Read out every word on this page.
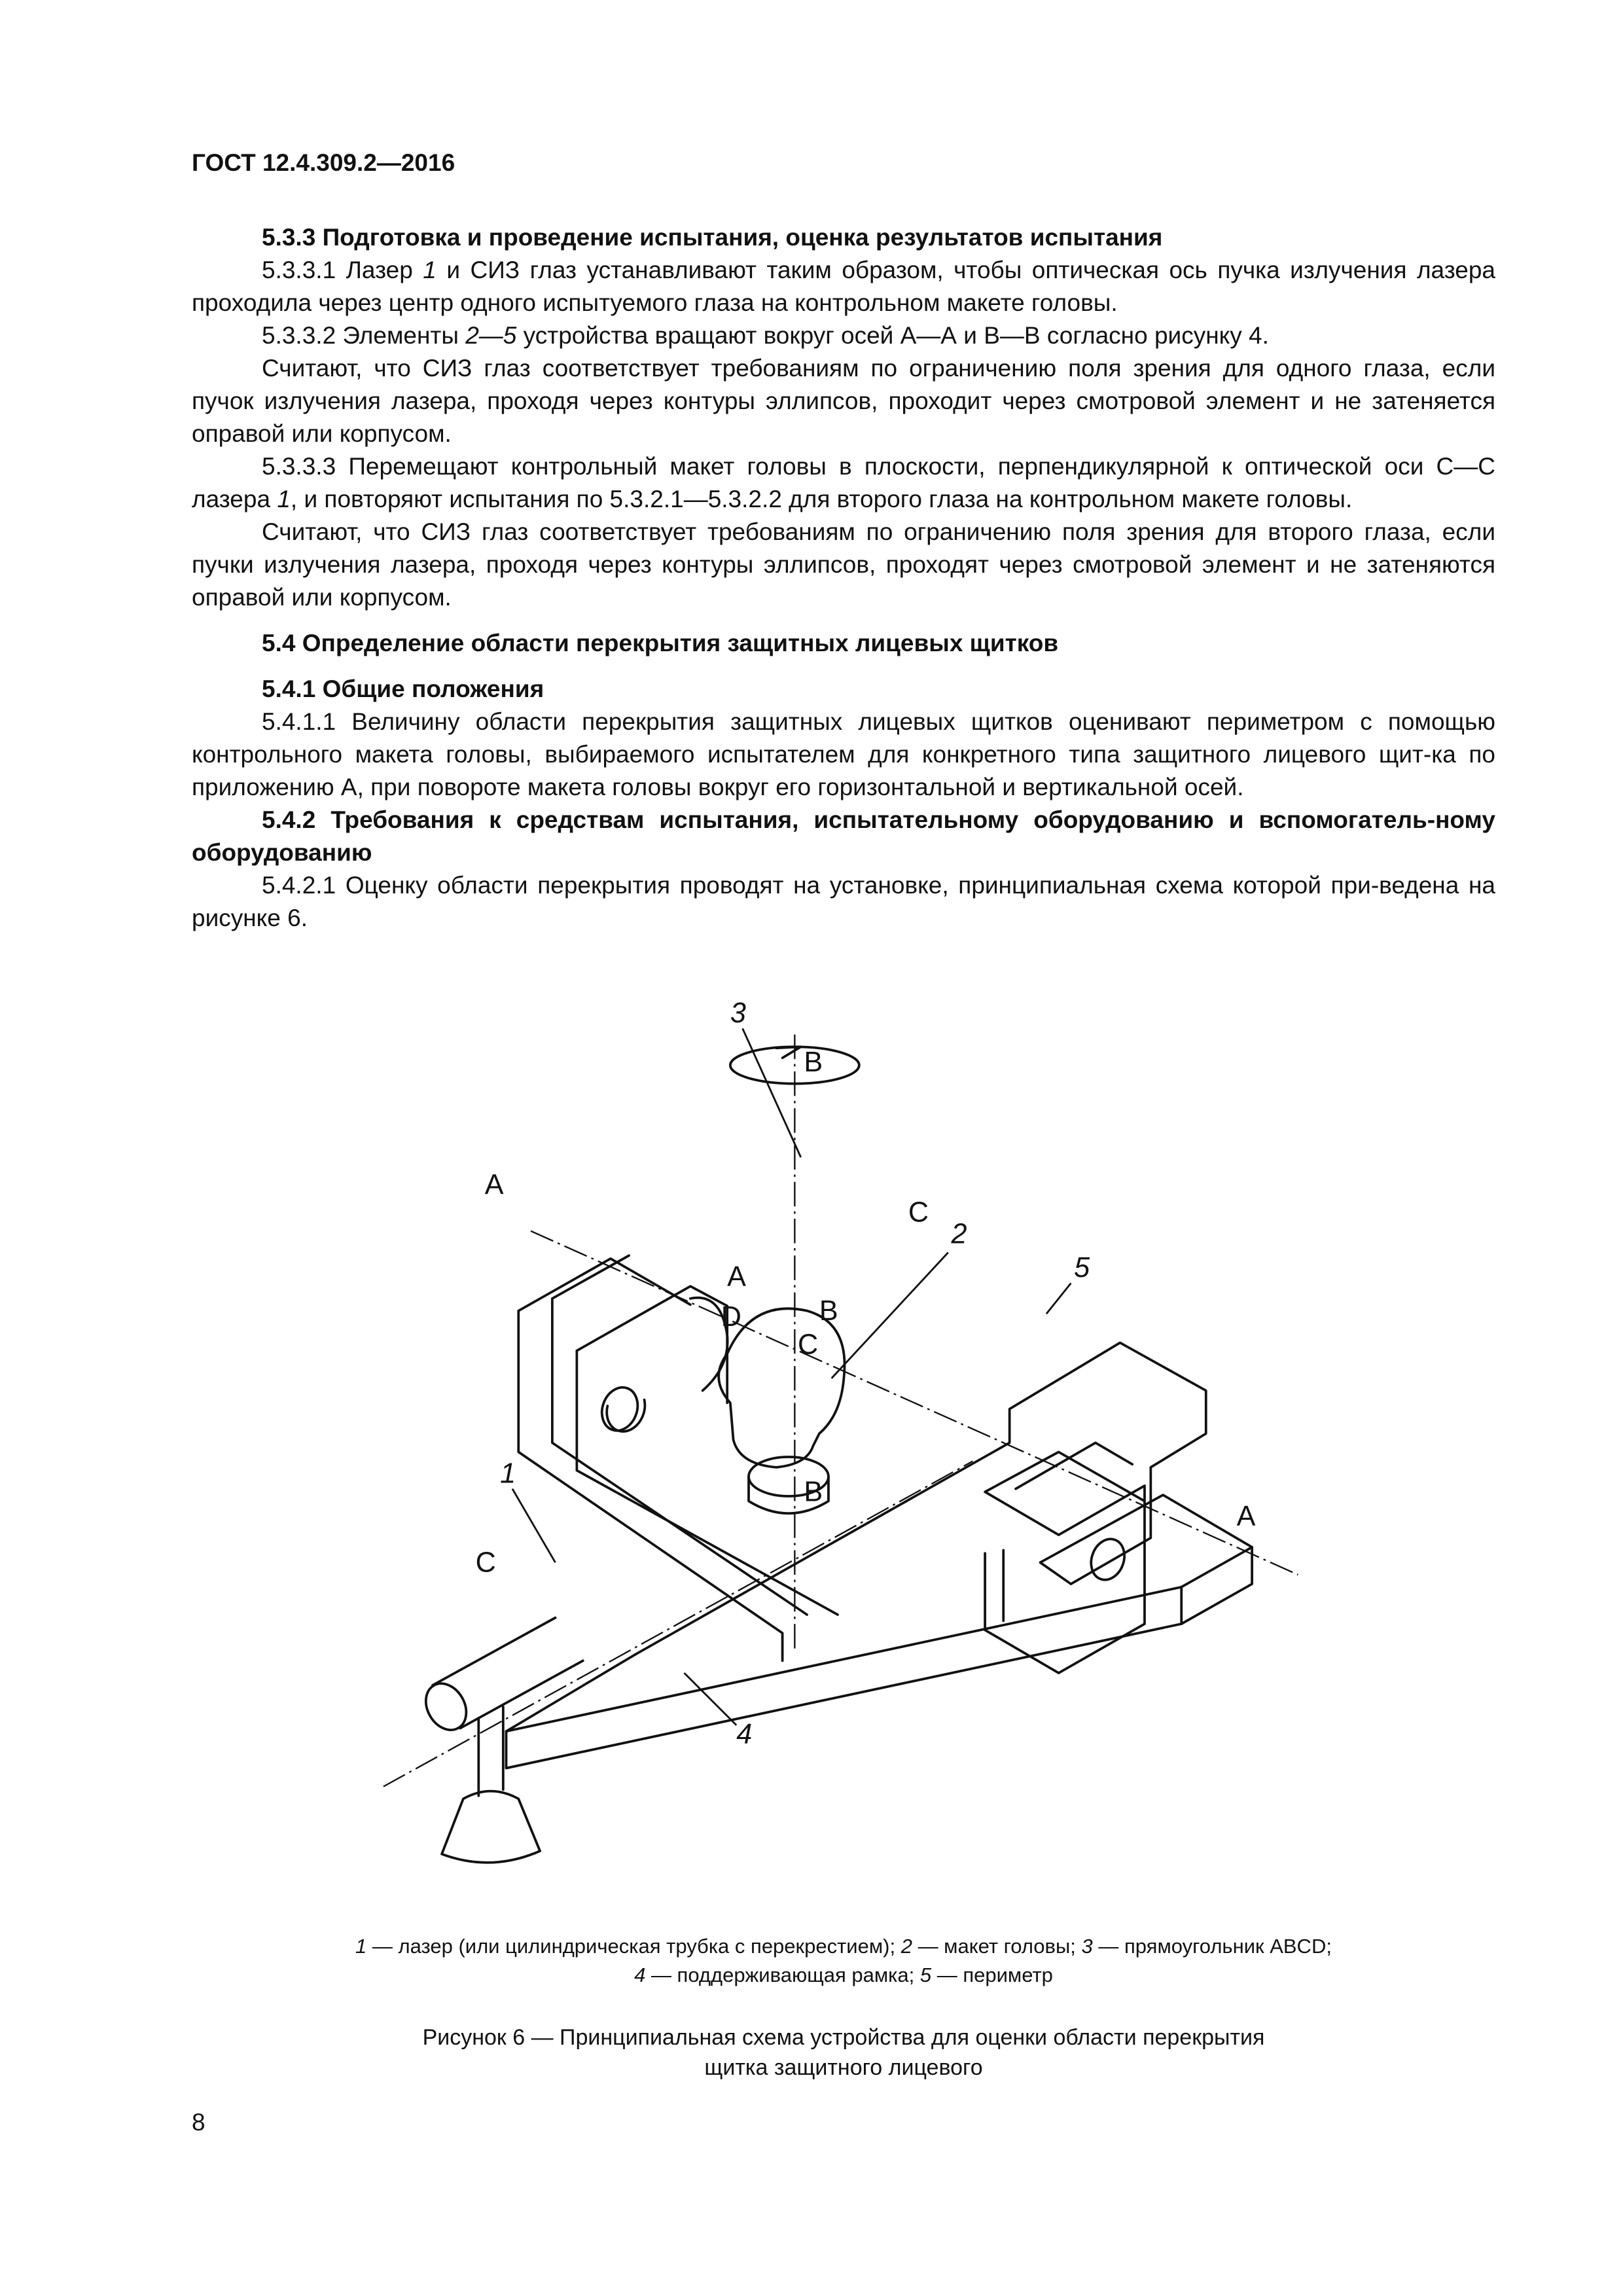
ГОСТ 12.4.309.2—2016
5.3.3 Подготовка и проведение испытания, оценка результатов испытания

5.3.3.1 Лазер 1 и СИЗ глаз устанавливают таким образом, чтобы оптическая ось пучка излучения лазера проходила через центр одного испытуемого глаза на контрольном макете головы.

5.3.3.2 Элементы 2—5 устройства вращают вокруг осей А—А и В—В согласно рисунку 4.

Считают, что СИЗ глаз соответствует требованиям по ограничению поля зрения для одного глаза, если пучок излучения лазера, проходя через контуры эллипсов, проходит через смотровой элемент и не затеняется оправой или корпусом.

5.3.3.3 Перемещают контрольный макет головы в плоскости, перпендикулярной к оптической оси С—С лазера 1, и повторяют испытания по 5.3.2.1—5.3.2.2 для второго глаза на контрольном макете головы.

Считают, что СИЗ глаз соответствует требованиям по ограничению поля зрения для второго глаза, если пучки излучения лазера, проходя через контуры эллипсов, проходят через смотровой элемент и не затеняются оправой или корпусом.

5.4 Определение области перекрытия защитных лицевых щитков
5.4.1 Общие положения

5.4.1.1 Величину области перекрытия защитных лицевых щитков оценивают периметром с помощью контрольного макета головы, выбираемого испытателем для конкретного типа защитного лицевого щит-ка по приложению А, при повороте макета головы вокруг его горизонтальной и вертикальной осей.

5.4.2 Требования к средствам испытания, испытательному оборудованию и вспомогатель-ному оборудованию

5.4.2.1 Оценку области перекрытия проводят на установке, принципиальная схема которой при-ведена на рисунке 6.

3
2
5
1
4
А
А
А
В
В
В
С
С
С
D
1 — лазер (или цилиндрическая трубка с перекрестием); 2 — макет головы; 3 — прямоугольник ABCD;
4 — поддерживающая рамка; 5 — периметр
Рисунок 6 — Принципиальная схема устройства для оценки области перекрытия
щитка защитного лицевого
8
